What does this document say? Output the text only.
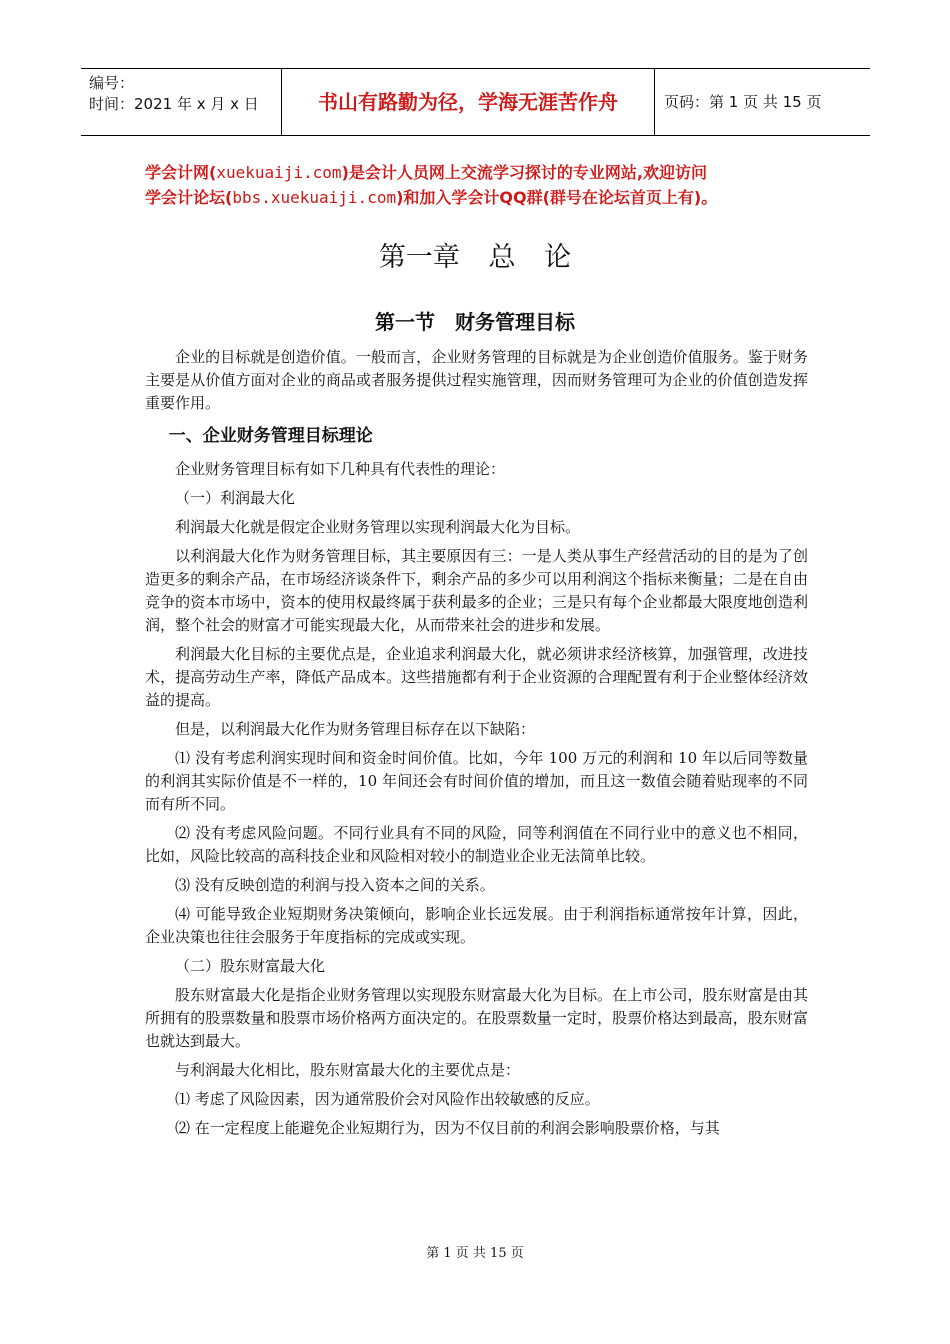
编号：
时间：2021 年 x 月 x 日	书山有路勤为径，学海无涯苦作舟	页码：第 1 页 共 15 页
学会计网(xuekuaiji.com)是会计人员网上交流学习探讨的专业网站,欢迎访问
学会计论坛(bbs.xuekuaiji.com)和加入学会计QQ群(群号在论坛首页上有)。
第一章 总 论
第一节　财务管理目标

企业的目标就是创造价值。一般而言，企业财务管理的目标就是为企业创造价值服务。鉴于财务主要是从价值方面对企业的商品或者服务提供过程实施管理，因而财务管理可为企业的价值创造发挥重要作用。

一、企业财务管理目标理论

企业财务管理目标有如下几种具有代表性的理论：

（一）利润最大化

利润最大化就是假定企业财务管理以实现利润最大化为目标。

以利润最大化作为财务管理目标，其主要原因有三：一是人类从事生产经营活动的目的是为了创造更多的剩余产品，在市场经济谈条件下，剩余产品的多少可以用利润这个指标来衡量；二是在自由竞争的资本市场中，资本的使用权最终属于获利最多的企业；三是只有每个企业都最大限度地创造利润，整个社会的财富才可能实现最大化，从而带来社会的进步和发展。

利润最大化目标的主要优点是，企业追求利润最大化，就必须讲求经济核算，加强管理，改进技术，提高劳动生产率，降低产品成本。这些措施都有利于企业资源的合理配置有利于企业整体经济效益的提高。

但是，以利润最大化作为财务管理目标存在以下缺陷：

⑴ 没有考虑利润实现时间和资金时间价值。比如，今年 100 万元的利润和 10 年以后同等数量的利润其实际价值是不一样的，10 年间还会有时间价值的增加，而且这一数值会随着贴现率的不同而有所不同。

⑵ 没有考虑风险问题。不同行业具有不同的风险，同等利润值在不同行业中的意义也不相同，比如，风险比较高的高科技企业和风险相对较小的制造业企业无法简单比较。

⑶ 没有反映创造的利润与投入资本之间的关系。

⑷ 可能导致企业短期财务决策倾向，影响企业长远发展。由于利润指标通常按年计算，因此，企业决策也往往会服务于年度指标的完成或实现。

（二）股东财富最大化

股东财富最大化是指企业财务管理以实现股东财富最大化为目标。在上市公司，股东财富是由其所拥有的股票数量和股票市场价格两方面决定的。在股票数量一定时，股票价格达到最高，股东财富也就达到最大。

与利润最大化相比，股东财富最大化的主要优点是：

⑴ 考虑了风险因素，因为通常股价会对风险作出较敏感的反应。

⑵ 在一定程度上能避免企业短期行为，因为不仅目前的利润会影响股票价格，与其

第 1 页 共 15 页
